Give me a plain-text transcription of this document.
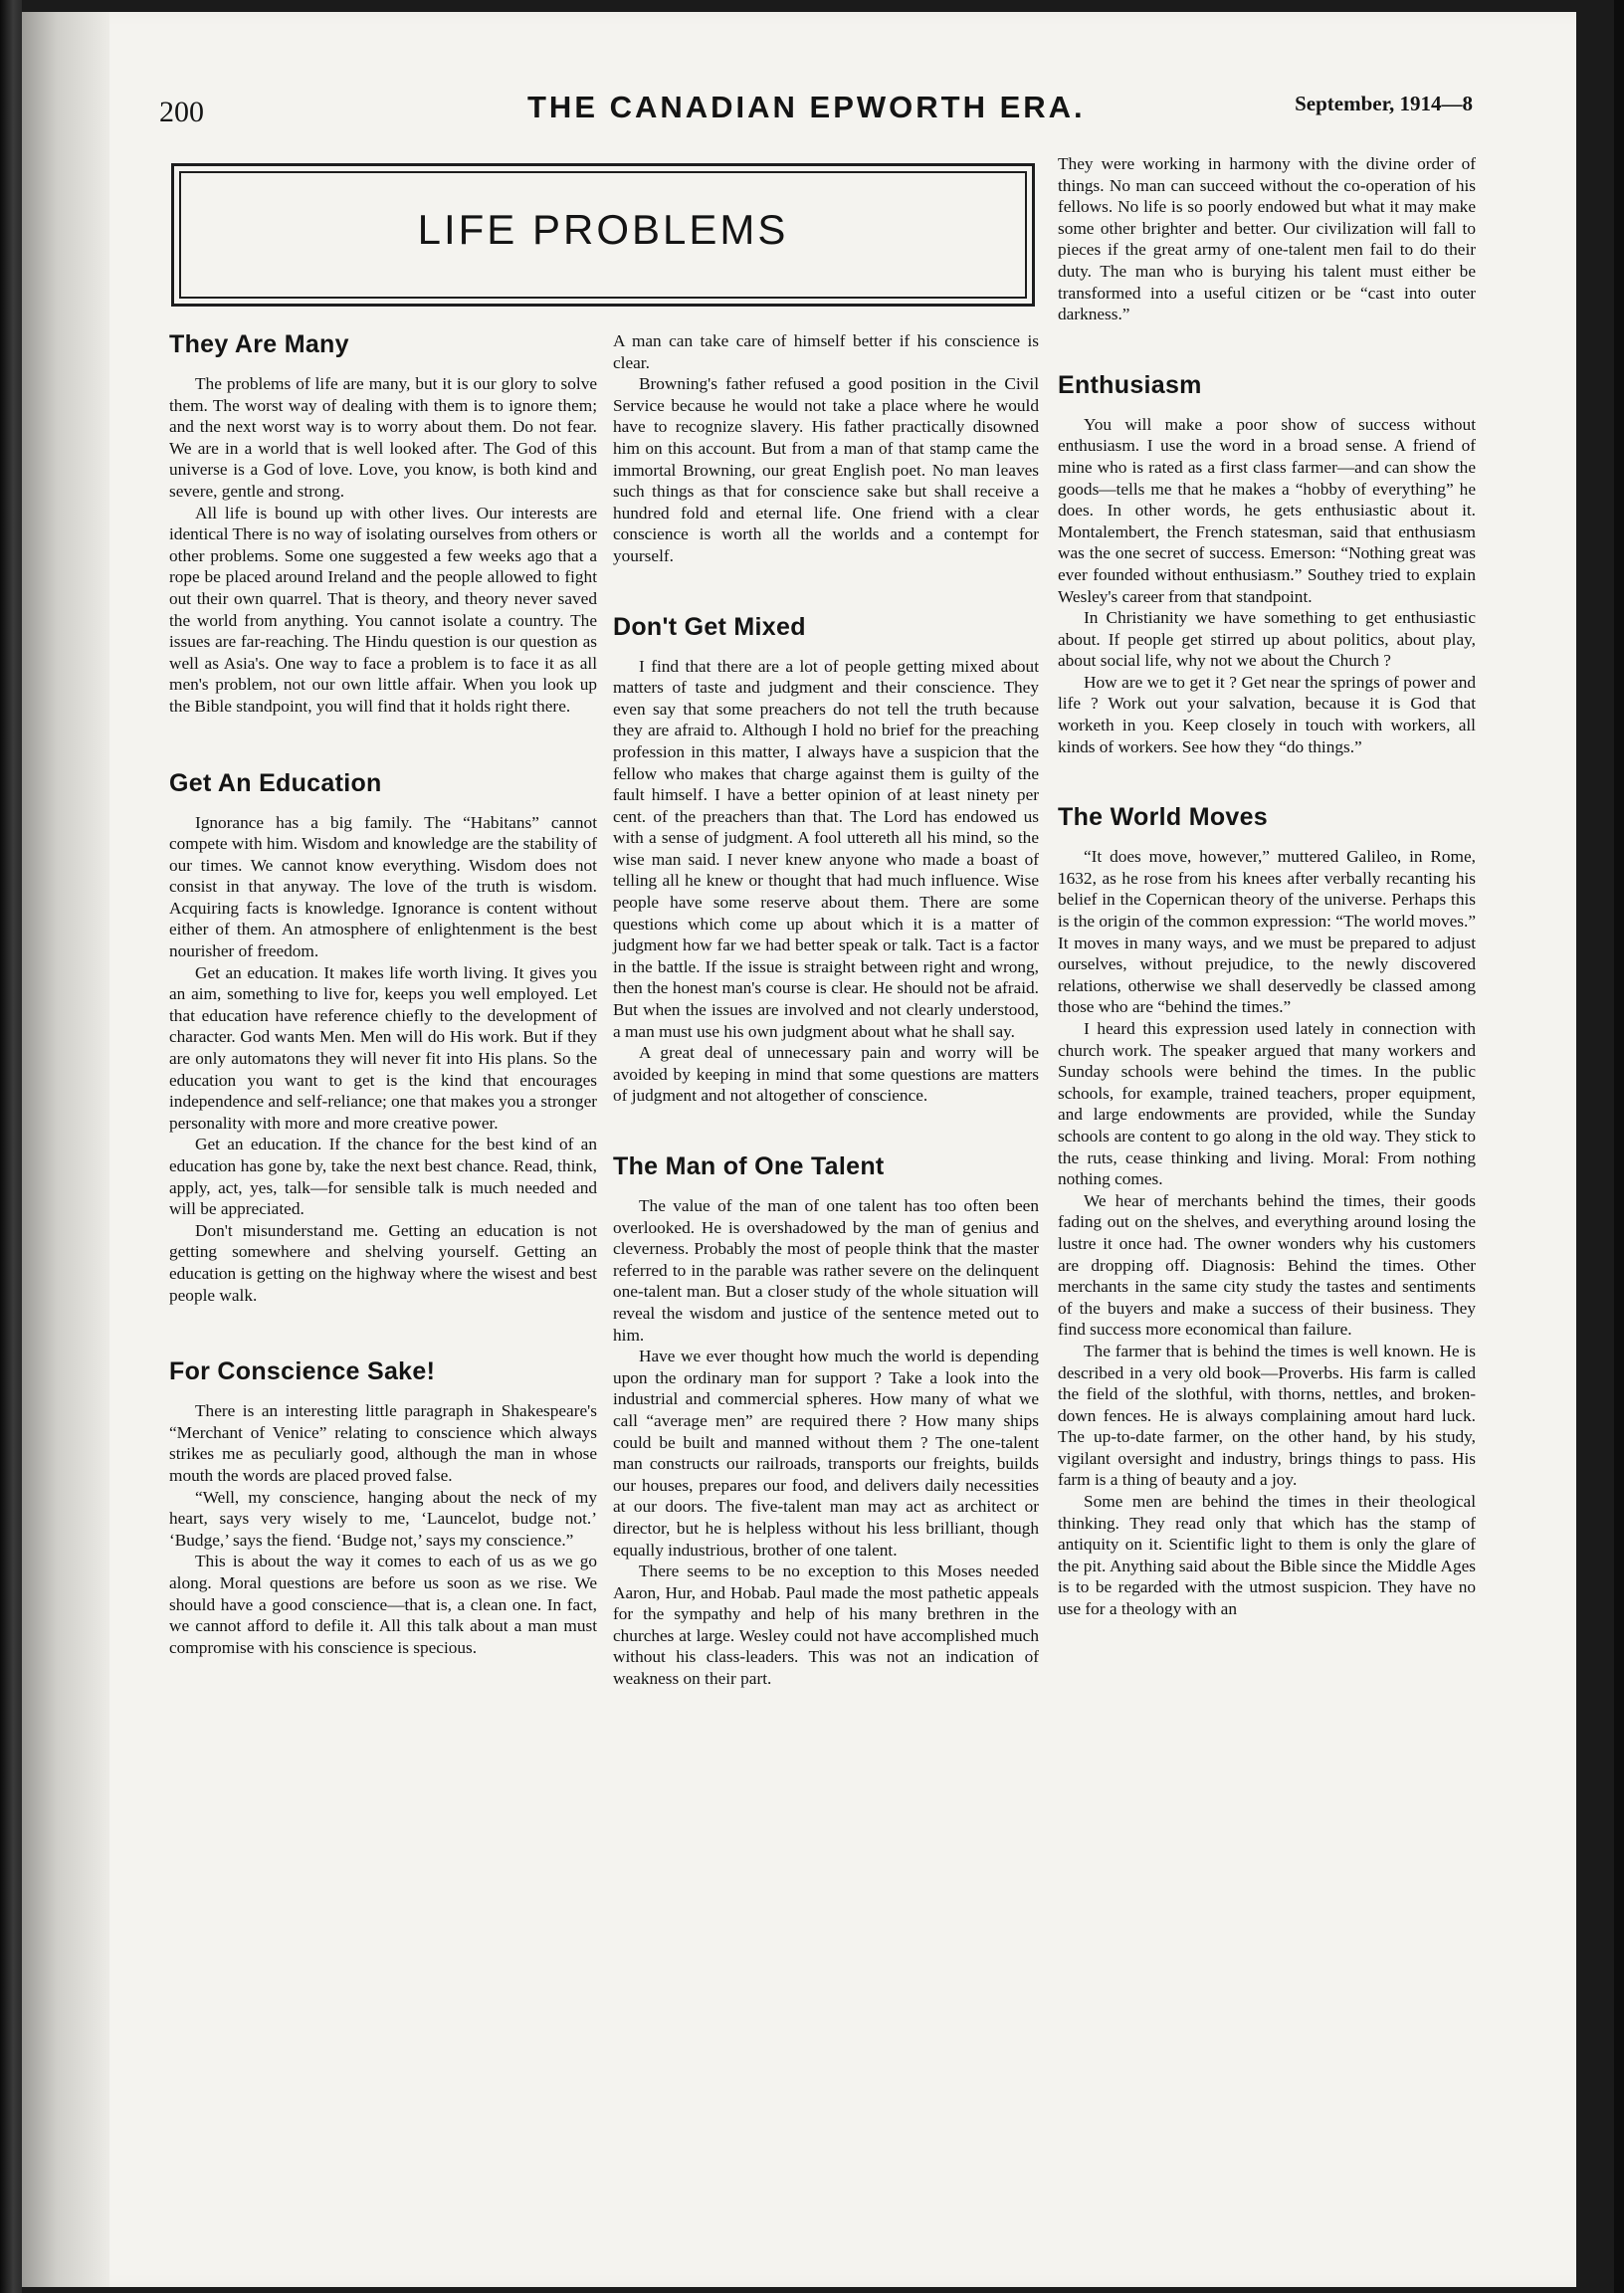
200	THE CANADIAN EPWORTH ERA.	September, 1914—8
LIFE PROBLEMS
They Are Many

The problems of life are many, but it is our glory to solve them. The worst way of dealing with them is to ignore them; and the next worst way is to worry about them. Do not fear. We are in a world that is well looked after. The God of this universe is a God of love. Love, you know, is both kind and severe, gentle and strong.

All life is bound up with other lives. Our interests are identical There is no way of isolating ourselves from others or other problems. Some one suggested a few weeks ago that a rope be placed around Ireland and the people allowed to fight out their own quarrel. That is theory, and theory never saved the world from anything. You cannot isolate a country. The issues are far-reaching. The Hindu question is our question as well as Asia's. One way to face a problem is to face it as all men's problem, not our own little affair. When you look up the Bible standpoint, you will find that it holds right there.

Get An Education

Ignorance has a big family. The “Habitans” cannot compete with him. Wisdom and knowledge are the stability of our times. We cannot know everything. Wisdom does not consist in that anyway. The love of the truth is wisdom. Acquiring facts is knowledge. Ignorance is content without either of them. An atmosphere of enlightenment is the best nourisher of freedom.

Get an education. It makes life worth living. It gives you an aim, something to live for, keeps you well employed. Let that education have reference chiefly to the development of character. God wants Men. Men will do His work. But if they are only automatons they will never fit into His plans. So the education you want to get is the kind that encourages independence and self-reliance; one that makes you a stronger personality with more and more creative power.

Get an education. If the chance for the best kind of an education has gone by, take the next best chance. Read, think, apply, act, yes, talk—for sensible talk is much needed and will be appreciated.

Don't misunderstand me. Getting an education is not getting somewhere and shelving yourself. Getting an education is getting on the highway where the wisest and best people walk.

For Conscience Sake!

There is an interesting little paragraph in Shakespeare's “Merchant of Venice” relating to conscience which always strikes me as peculiarly good, although the man in whose mouth the words are placed proved false.

“Well, my conscience, hanging about the neck of my heart, says very wisely to me, ‘Launcelot, budge not.’ ‘Budge,’ says the fiend. ‘Budge not,’ says my conscience.”

This is about the way it comes to each of us as we go along. Moral questions are before us soon as we rise. We should have a good conscience—that is, a clean one. In fact, we cannot afford to defile it. All this talk about a man must compromise with his conscience is specious.

A man can take care of himself better if his conscience is clear.

Browning's father refused a good position in the Civil Service because he would not take a place where he would have to recognize slavery. His father practically disowned him on this account. But from a man of that stamp came the immortal Browning, our great English poet. No man leaves such things as that for conscience sake but shall receive a hundred fold and eternal life. One friend with a clear conscience is worth all the worlds and a contempt for yourself.

Don't Get Mixed

I find that there are a lot of people getting mixed about matters of taste and judgment and their conscience. They even say that some preachers do not tell the truth because they are afraid to. Although I hold no brief for the preaching profession in this matter, I always have a suspicion that the fellow who makes that charge against them is guilty of the fault himself. I have a better opinion of at least ninety per cent. of the preachers than that. The Lord has endowed us with a sense of judgment. A fool uttereth all his mind, so the wise man said. I never knew anyone who made a boast of telling all he knew or thought that had much influence. Wise people have some reserve about them. There are some questions which come up about which it is a matter of judgment how far we had better speak or talk. Tact is a factor in the battle. If the issue is straight between right and wrong, then the honest man's course is clear. He should not be afraid. But when the issues are involved and not clearly understood, a man must use his own judgment about what he shall say.

A great deal of unnecessary pain and worry will be avoided by keeping in mind that some questions are matters of judgment and not altogether of conscience.

The Man of One Talent

The value of the man of one talent has too often been overlooked. He is overshadowed by the man of genius and cleverness. Probably the most of people think that the master referred to in the parable was rather severe on the delinquent one-talent man. But a closer study of the whole situation will reveal the wisdom and justice of the sentence meted out to him.

Have we ever thought how much the world is depending upon the ordinary man for support ? Take a look into the industrial and commercial spheres. How many of what we call “average men” are required there ? How many ships could be built and manned without them ? The one-talent man constructs our railroads, transports our freights, builds our houses, prepares our food, and delivers daily necessities at our doors. The five-talent man may act as architect or director, but he is helpless without his less brilliant, though equally industrious, brother of one talent.

There seems to be no exception to this Moses needed Aaron, Hur, and Hobab. Paul made the most pathetic appeals for the sympathy and help of his many brethren in the churches at large. Wesley could not have accomplished much without his class-leaders. This was not an indication of weakness on their part.

They were working in harmony with the divine order of things. No man can succeed without the co-operation of his fellows. No life is so poorly endowed but what it may make some other brighter and better. Our civilization will fall to pieces if the great army of one-talent men fail to do their duty. The man who is burying his talent must either be transformed into a useful citizen or be “cast into outer darkness.”

Enthusiasm

You will make a poor show of success without enthusiasm. I use the word in a broad sense. A friend of mine who is rated as a first class farmer—and can show the goods—tells me that he makes a “hobby of everything” he does. In other words, he gets enthusiastic about it. Montalembert, the French statesman, said that enthusiasm was the one secret of success. Emerson: “Nothing great was ever founded without enthusiasm.” Southey tried to explain Wesley's career from that standpoint.

In Christianity we have something to get enthusiastic about. If people get stirred up about politics, about play, about social life, why not we about the Church ?

How are we to get it ? Get near the springs of power and life ? Work out your salvation, because it is God that worketh in you. Keep closely in touch with workers, all kinds of workers. See how they “do things.”

The World Moves

“It does move, however,” muttered Galileo, in Rome, 1632, as he rose from his knees after verbally recanting his belief in the Copernican theory of the universe. Perhaps this is the origin of the common expression: “The world moves.” It moves in many ways, and we must be prepared to adjust ourselves, without prejudice, to the newly discovered relations, otherwise we shall deservedly be classed among those who are “behind the times.”

I heard this expression used lately in connection with church work. The speaker argued that many workers and Sunday schools were behind the times. In the public schools, for example, trained teachers, proper equipment, and large endowments are provided, while the Sunday schools are content to go along in the old way. They stick to the ruts, cease thinking and living. Moral: From nothing nothing comes.

We hear of merchants behind the times, their goods fading out on the shelves, and everything around losing the lustre it once had. The owner wonders why his customers are dropping off. Diagnosis: Behind the times. Other merchants in the same city study the tastes and sentiments of the buyers and make a success of their business. They find success more economical than failure.

The farmer that is behind the times is well known. He is described in a very old book—Proverbs. His farm is called the field of the slothful, with thorns, nettles, and broken-down fences. He is always complaining amout hard luck. The up-to-date farmer, on the other hand, by his study, vigilant oversight and industry, brings things to pass. His farm is a thing of beauty and a joy.

Some men are behind the times in their theological thinking. They read only that which has the stamp of antiquity on it. Scientific light to them is only the glare of the pit. Anything said about the Bible since the Middle Ages is to be regarded with the utmost suspicion. They have no use for a theology with an
